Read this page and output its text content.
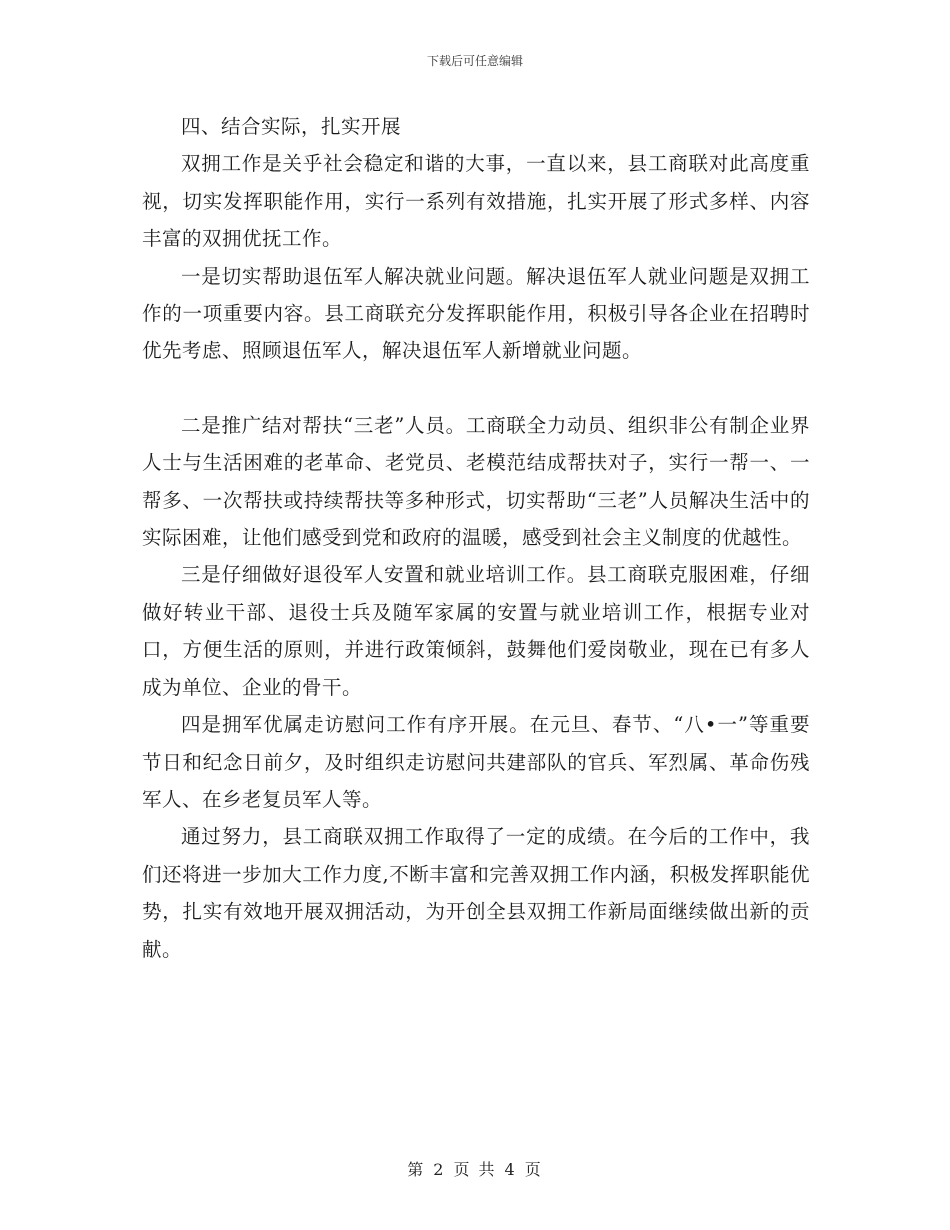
下载后可任意编辑

四、结合实际，扎实开展

双拥工作是关乎社会稳定和谐的大事，一直以来，县工商联对此高度重视，切实发挥职能作用，实行一系列有效措施，扎实开展了形式多样、内容丰富的双拥优抚工作。

一是切实帮助退伍军人解决就业问题。解决退伍军人就业问题是双拥工作的一项重要内容。县工商联充分发挥职能作用，积极引导各企业在招聘时优先考虑、照顾退伍军人，解决退伍军人新增就业问题。

二是推广结对帮扶“三老”人员。工商联全力动员、组织非公有制企业界人士与生活困难的老革命、老党员、老模范结成帮扶对子，实行一帮一、一帮多、一次帮扶或持续帮扶等多种形式，切实帮助“三老”人员解决生活中的实际困难，让他们感受到党和政府的温暖，感受到社会主义制度的优越性。

三是仔细做好退役军人安置和就业培训工作。县工商联克服困难，仔细做好转业干部、退役士兵及随军家属的安置与就业培训工作，根据专业对口，方便生活的原则，并进行政策倾斜，鼓舞他们爱岗敬业，现在已有多人成为单位、企业的骨干。

四是拥军优属走访慰问工作有序开展。在元旦、春节、“八•一”等重要节日和纪念日前夕，及时组织走访慰问共建部队的官兵、军烈属、革命伤残军人、在乡老复员军人等。

通过努力，县工商联双拥工作取得了一定的成绩。在今后的工作中，我们还将进一步加大工作力度,不断丰富和完善双拥工作内涵，积极发挥职能优势，扎实有效地开展双拥活动，为开创全县双拥工作新局面继续做出新的贡献。

第 2 页 共 4 页
